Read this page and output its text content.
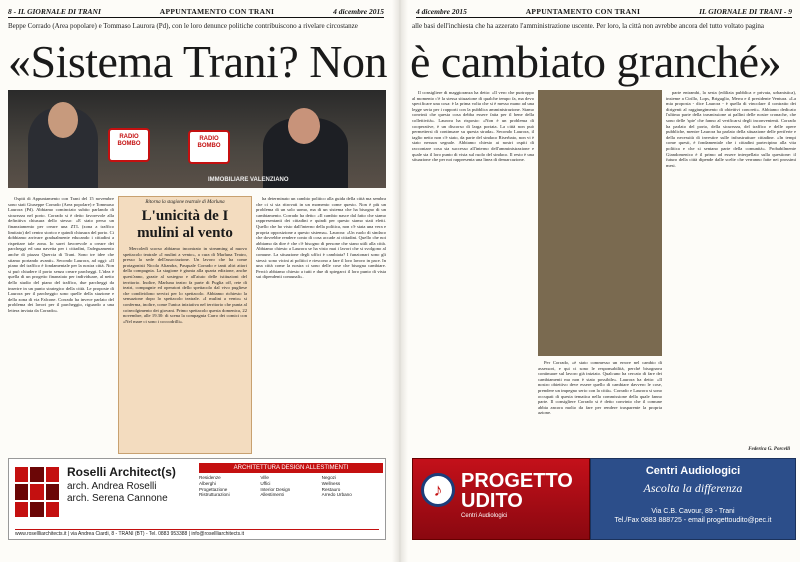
8 - IL GIORNALE DI TRANI	APPUNTAMENTO CON TRANI	4 dicembre 2015
Beppe Corrado (Area popolare) e Tommaso Laurora (Pd), con le loro denunce politiche contribuiscono a rivelare circostanze
«Sistema Trani? Non
RADIO BOMBO
RADIO BOMBO
IMMOBILIARE VALENZIANO

Ospiti di Appuntamento con Trani del 15 novembre sono stati Giuseppe Corrado (Area popolare) e Tommaso Laurora (Pd). Abbiamo cominciato subito parlando di sicurezza nel porto. Corrado si è detto favorevole alla definitiva chiusura dello stesso: «E stato perso un finanziamento per creare una ZTL (zona a traffico limitato) del centro storico e quindi chiusura del porto. Ci dobbiamo arrivare gradualmente educando i cittadini a rispettare tale zona. Io sarei favorevole a creare dei parcheggi ed una navetta per i cittadini, l'adeguamento anche di piazza Quercia di Trani. Sono tre idee che stiamo portando avanti». Secondo Laurora, ad oggi: «Il piano del traffico è fondamentale per la nostra città. Non si può chiudere il porto senza creare parcheggi. L'idea è quella di un progetto finanziato per individuare, al netto dello studio del piano del traffico, due parcheggi da inserire in un punto strategico della città. Le proposte di Laurora per il parcheggio sono quelle della stazione e della zona di via Falcone. Corrado ha invece parlato del problema dei lavori per il parcheggio, riguardo a una lettera inviata da Corrado».

Ritorna la stagione teatrale di Marluna
L'unicità de I mulini al vento

Mercoledì scorso abbiamo incontrato in streaming al nuovo spettacolo teatrale «I mulini a vento», a cura di Marluna Teatro, presso la sede dell'associazione. Un lavoro che ha come protagonisti Nicola Aliandra, Pasquale Corrado e tanti altri attori della compagnia. La stagione è giunta alla quarta edizione, anche quest'anno, grazie al sostegno e all'aiuto delle istituzioni del territorio. Inoltre, Marluna teatro fa parte di Puglia off, rete di teatri, compagnie ed operatori dello spettacolo dal vivo pugliese che condividono servizi per lo spettacolo. Abbiamo richiesto la sensazione dopo lo spettacolo teatrale. «I mulini a vento» si conferma, inoltre, come l'unica iniziativa nel territorio che punta al coinvolgimento dei giovani. Primo spettacolo questa domenica, 22 novembre, alle 19.30: di scena la compagnia Carro dei comici con «Nel mare ci sono i coccodrilli».

ha determinato un cambio politico alla guida della città ma sembra che ci si sia ritrovati in un momento come questo. Non è più un problema di un solo uomo, ma di un sistema che ha bisogno di un cambiamento. Corrado ha detto: «Il cambio nasce dal fatto che siamo rappresentanti dei cittadini e quindi per questo siamo stati eletti. Quello che ho visto dall'interno della politica, non c'è stata una vera e propria opposizione a questo sistema». Laurora: «Un ruolo di sindaco che dovrebbe rendere conto di cosa accade ai cittadini. Quello che noi abbiamo da dire è che c'è bisogno di persone che siano utili alla città. Abbiamo chiesto a Laurora se ha visto mai i lavori che si svolgono al comune. La situazione degli uffici è cambiata? I funzionari sono gli stessi: sono vicini ai politici e riescono a fare il loro lavoro in pace. In una città come la nostra ci sono delle cose che bisogna cambiare. Perciò abbiamo chiesto a tutti e due di spiegarci il loro punto di vista sui dipendenti comunali».

Roselli Architect(s)
arch. Andrea Roselli
arch. Serena Cannone
ARCHITETTURA DESIGN ALLESTIMENTI
Residenze	Ville	Negozi
Alberghi	Uffici	Wellness
Progettazione	Interior Design	Restauro
Ristrutturazioni	Allestimenti	Arredo Urbano
www.rosellliarchitects.it | via Andrea Ciardi, 8 - TRANI (BT) - Tel. 0883 953388 | info@rosellliarchitects.it
4 dicembre 2015	APPUNTAMENTO CON TRANI	IL GIORNALE DI TRANI - 9
alle basi dell'inchiesta che ha azzerato l'amministrazione uscente. Per loro, la città non avrebbe ancora del tutto voltato pagina
è cambiato granché»

Il consigliere di maggioranza ha detto: «Il vero che purtroppo al momento c'è la stessa situazione di qualche tempo fa, ma devo specificare una cosa: è la prima volta che si è messo mano ad una legge seria per i rapporti con la pubblica amministrazione. Siamo convinti che questa cosa debba essere fatta per il bene della collettività». Laurora ha risposto: «Non è un problema di cooperative, è un discorso di larga portata. La città non può permettersi di continuare su questa strada». Secondo Laurora, il taglio netto non c'è stato, da parte del sindaco Riserbato, non vi è stato nessun segnale. Abbiamo chiesto ai nostri ospiti di raccontare cosa sia successo all'interno dell'amministrazione e quale sia il loro punto di vista sul ruolo del sindaco. Il resto è una situazione che per noi rappresenta una linea di demarcazione.

Per Corrado, «è stato commesso un errore nel cambio di assessori, e qui ci sono le responsabilità, perché bisognava continuare sul lavoro già iniziato. Qualcuno ha cercato di fare dei cambiamenti ma non è stato possibile». Laurora ha detto: «Il nostro obiettivo deve essere quello di cambiare davvero le cose, prendere un impegno serio con la città». Corrado e Laurora si sono occupati di questa tematica nella commissione della quale fanno parte. Il consigliere Corrado si è detto convinto che il comune abbia ancora molto da fare per rendere trasparente la propria azione.

parte entrambi, la sesta (edilizia pubblica e privata, urbanistica), insieme a Cirillo, Lops, Briguglio, Merra e il presidente Ventura. «La mia proposta - dice Laurora - è quella di vincolare il contratto dei dirigenti al raggiungimento di obiettivi concreti». Abbiamo dedicato l'ultima parte della trasmissione ai pallini delle nostre cronache, che sono delle 'spie' che fanno al verificarsi degli inconvenienti. Corrado ha parlato del porto, della sicurezza, del traffico e delle opere pubbliche, mentre Laurora ha parlato della situazione delle periferie e della necessità di investire sulle infrastrutture cittadine. «In tempi come questi, è fondamentale che i cittadini partecipino alla vita politica e che si sentano parte della comunità». Probabilmente Giandomenico è il primo ad essere interpellato sulla questione: il futuro della città dipende dalle scelte che verranno fatte nei prossimi mesi.

Federica G. Porcelli
♪ PROGETTO UDITO
Centri Audiologici
Centri Audiologici
Ascolta la differenza
Via C.B. Cavour, 89 - Trani
Tel./Fax 0883 888725 - email progettoudito@pec.it
